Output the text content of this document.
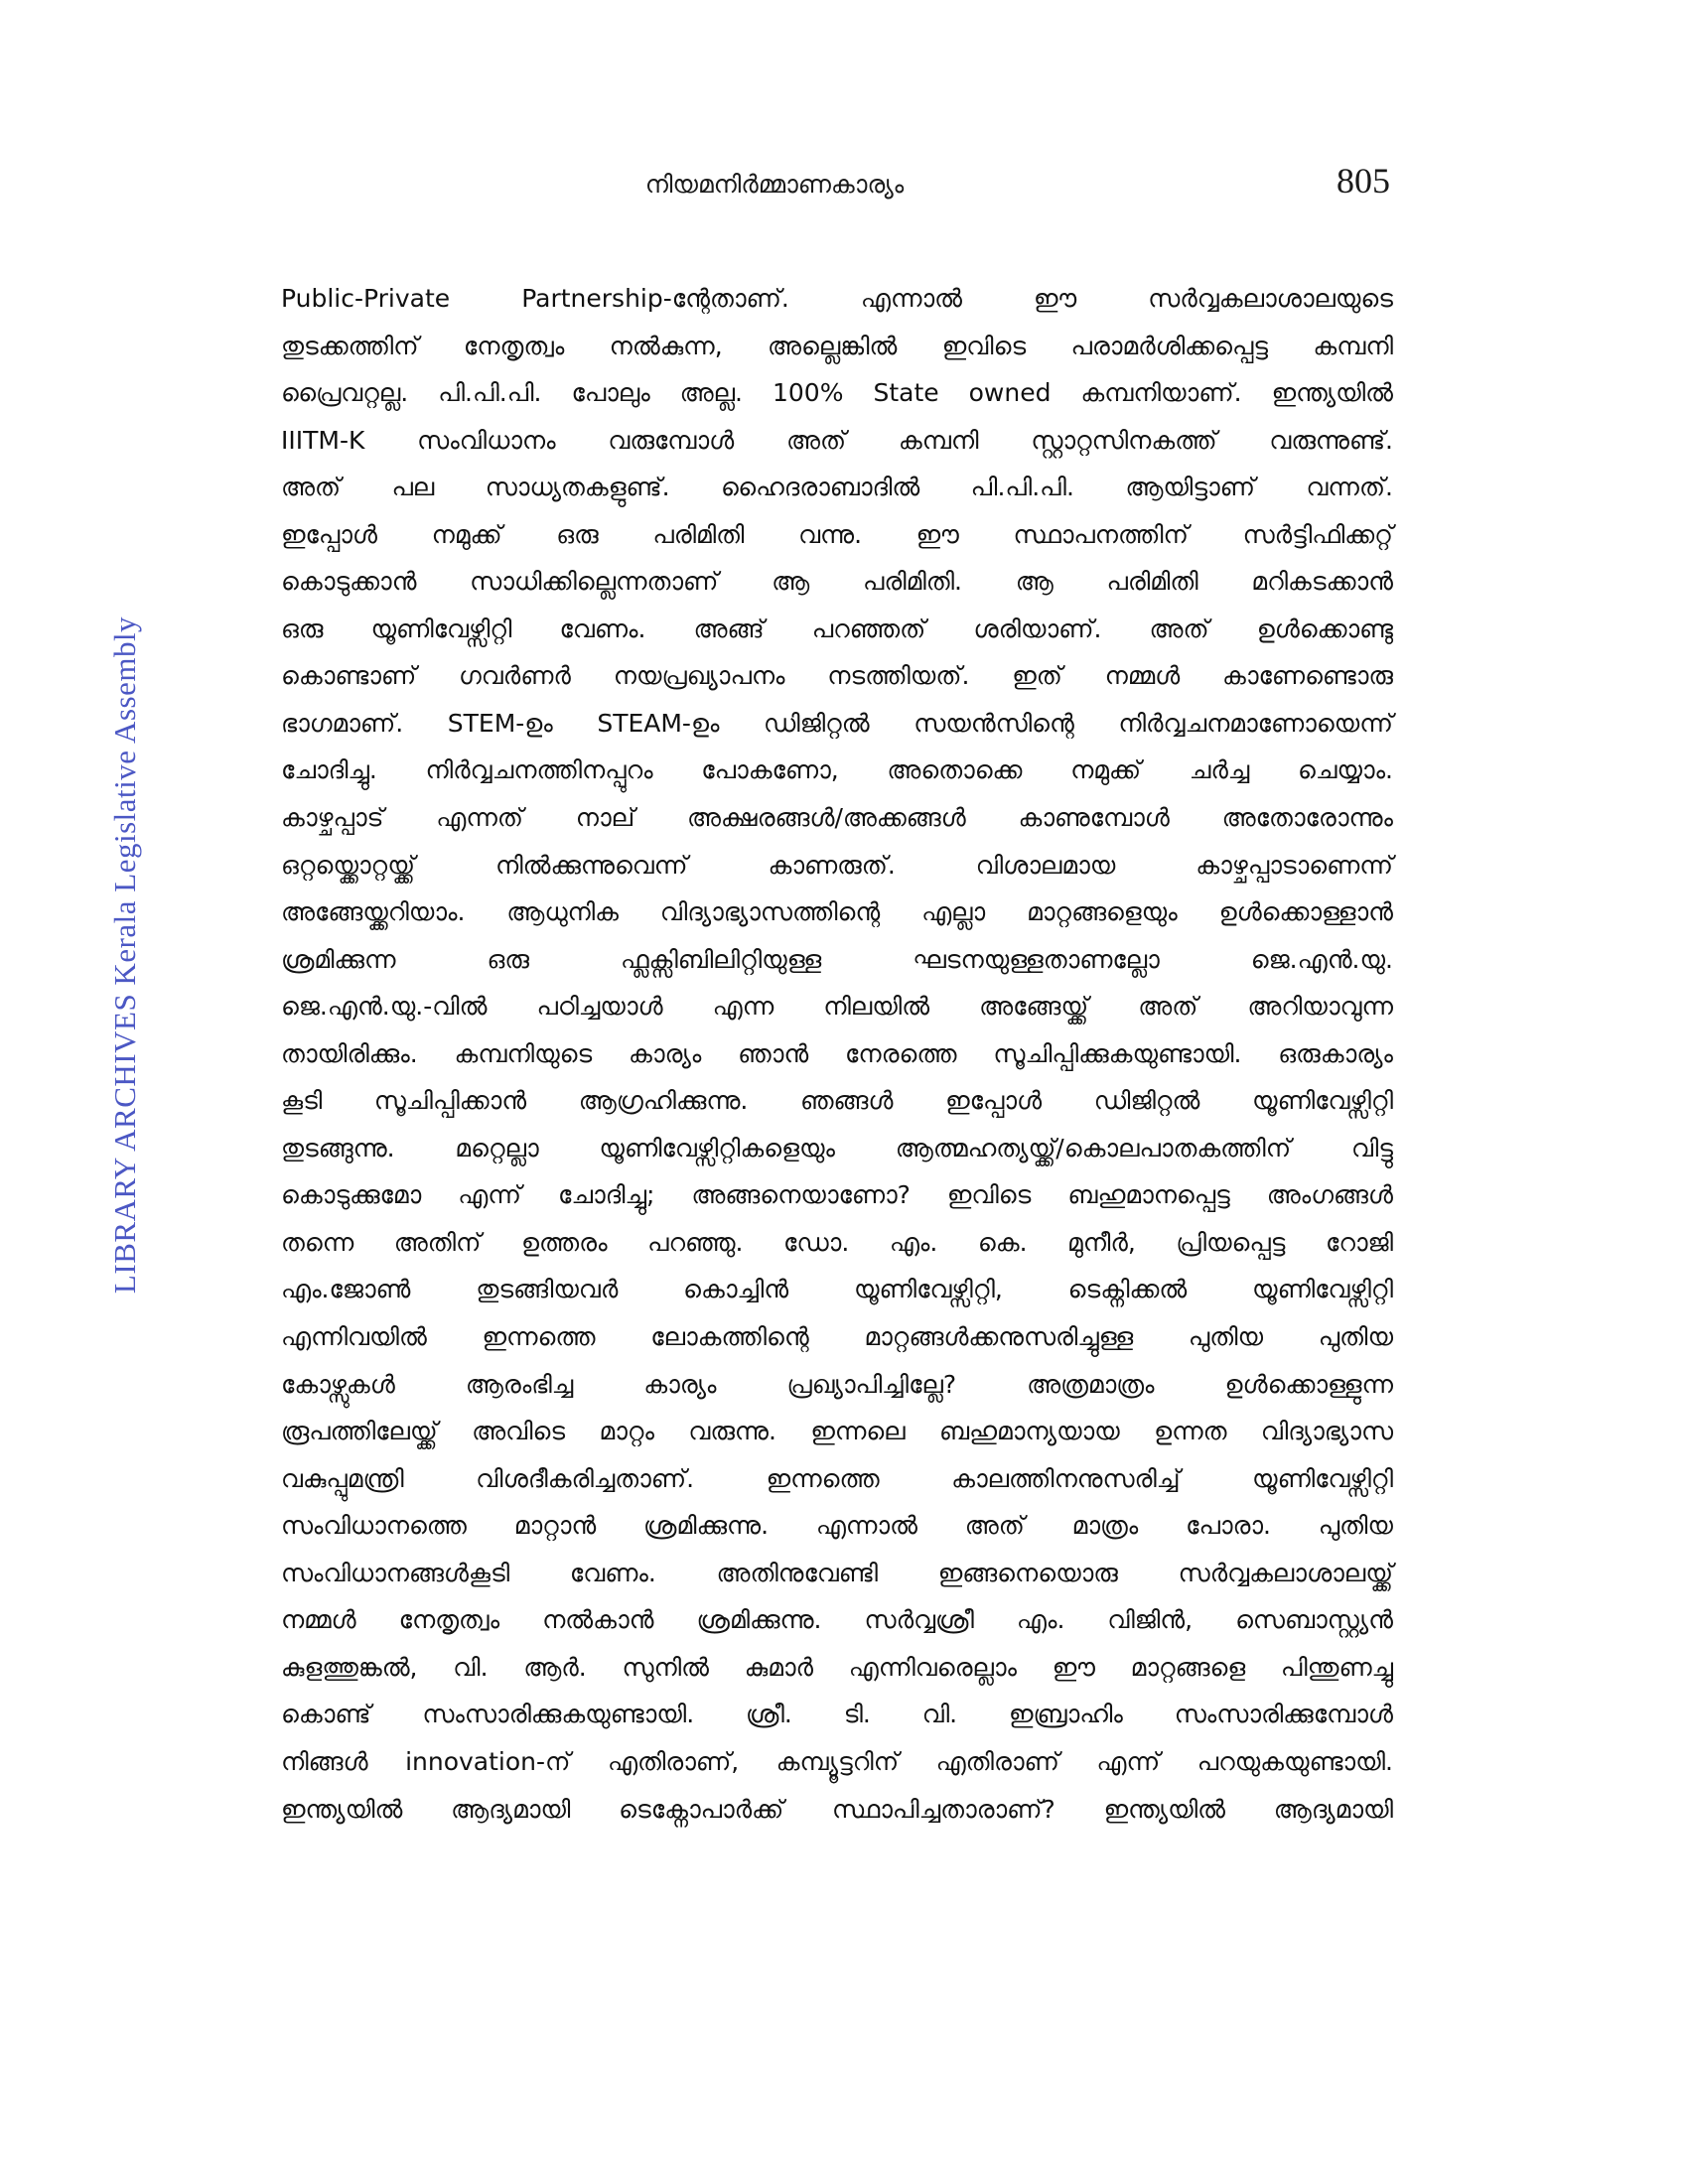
നിയമനിർമ്മാണകാര്യം	805
LIBRARY ARCHIVES Kerala Legislative Assembly
Public-Private Partnership-ന്റേതാണ്. എന്നാൽ ഈ സർവ്വകലാശാലയുടെ
തുടക്കത്തിന് നേതൃത്വം നൽകുന്ന, അല്ലെങ്കിൽ ഇവിടെ പരാമർശിക്കപ്പെട്ട കമ്പനി
പ്രൈവറ്റല്ല. പി.പി.പി. പോലും അല്ല. 100% State owned കമ്പനിയാണ്. ഇന്ത്യയിൽ
IIITM-K സംവിധാനം വരുമ്പോൾ അത് കമ്പനി സ്റ്റാറ്റസിനകത്ത് വരുന്നുണ്ട്.
അത് പല സാധ്യതകളുണ്ട്. ഹൈദരാബാദിൽ പി.പി.പി. ആയിട്ടാണ് വന്നത്.
ഇപ്പോൾ നമുക്ക് ഒരു പരിമിതി വന്നു. ഈ സ്ഥാപനത്തിന് സർട്ടിഫിക്കറ്റ്
കൊടുക്കാൻ സാധിക്കില്ലെന്നതാണ് ആ പരിമിതി. ആ പരിമിതി മറികടക്കാൻ
ഒരു യൂണിവേഴ്സിറ്റി വേണം. അങ്ങ് പറഞ്ഞത് ശരിയാണ്. അത് ഉൾക്കൊണ്ടു
കൊണ്ടാണ് ഗവർണർ നയപ്രഖ്യാപനം നടത്തിയത്. ഇത് നമ്മൾ കാണേണ്ടൊരു
ഭാഗമാണ്. STEM-ഉം STEAM-ഉം ഡിജിറ്റൽ സയൻസിന്റെ നിർവ്വചനമാണോയെന്ന്
ചോദിച്ചു. നിർവ്വചനത്തിനപ്പുറം പോകണോ, അതൊക്കെ നമുക്ക് ചർച്ച ചെയ്യാം.
കാഴ്ചപ്പാട് എന്നത് നാല് അക്ഷരങ്ങൾ/അക്കങ്ങൾ കാണുമ്പോൾ അതോരോന്നും
ഒറ്റയ്ക്കൊറ്റയ്ക്ക് നിൽക്കുന്നുവെന്ന് കാണരുത്. വിശാലമായ കാഴ്ചപ്പാടാണെന്ന്
അങ്ങേയ്ക്കറിയാം. ആധുനിക വിദ്യാഭ്യാസത്തിന്റെ എല്ലാ മാറ്റങ്ങളെയും ഉൾക്കൊള്ളാൻ
ശ്രമിക്കുന്ന ഒരു ഫ്ലക്സിബിലിറ്റിയുള്ള ഘടനയുള്ളതാണല്ലോ ജെ.എൻ.യു.
ജെ.എൻ.യു.-വിൽ പഠിച്ചയാൾ എന്ന നിലയിൽ അങ്ങേയ്ക്ക് അത് അറിയാവുന്ന
തായിരിക്കും. കമ്പനിയുടെ കാര്യം ഞാൻ നേരത്തെ സൂചിപ്പിക്കുകയുണ്ടായി. ഒരുകാര്യം
കൂടി സൂചിപ്പിക്കാൻ ആഗ്രഹിക്കുന്നു. ഞങ്ങൾ ഇപ്പോൾ ഡിജിറ്റൽ യൂണിവേഴ്സിറ്റി
തുടങ്ങുന്നു. മറ്റെല്ലാ യൂണിവേഴ്സിറ്റികളെയും ആത്മഹത്യയ്ക്ക്/കൊലപാതകത്തിന് വിട്ടു
കൊടുക്കുമോ എന്ന് ചോദിച്ചു; അങ്ങനെയാണോ? ഇവിടെ ബഹുമാനപ്പെട്ട അംഗങ്ങൾ
തന്നെ അതിന് ഉത്തരം പറഞ്ഞു. ഡോ. എം. കെ. മുനീർ, പ്രിയപ്പെട്ട റോജി
എം.ജോൺ തുടങ്ങിയവർ കൊച്ചിൻ യൂണിവേഴ്സിറ്റി, ടെക്നിക്കൽ യൂണിവേഴ്സിറ്റി
എന്നിവയിൽ ഇന്നത്തെ ലോകത്തിന്റെ മാറ്റങ്ങൾക്കനുസരിച്ചുള്ള പുതിയ പുതിയ
കോഴ്സുകൾ ആരംഭിച്ച കാര്യം പ്രഖ്യാപിച്ചില്ലേ? അത്രമാത്രം ഉൾക്കൊള്ളുന്ന
രൂപത്തിലേയ്ക്ക് അവിടെ മാറ്റം വരുന്നു. ഇന്നലെ ബഹുമാന്യയായ ഉന്നത വിദ്യാഭ്യാസ
വകുപ്പുമന്ത്രി വിശദീകരിച്ചതാണ്. ഇന്നത്തെ കാലത്തിനനുസരിച്ച് യൂണിവേഴ്സിറ്റി
സംവിധാനത്തെ മാറ്റാൻ ശ്രമിക്കുന്നു. എന്നാൽ അത് മാത്രം പോരാ. പുതിയ
സംവിധാനങ്ങൾകൂടി വേണം. അതിനുവേണ്ടി ഇങ്ങനെയൊരു സർവ്വകലാശാലയ്ക്ക്
നമ്മൾ നേതൃത്വം നൽകാൻ ശ്രമിക്കുന്നു. സർവ്വശ്രീ എം. വിജിൻ, സെബാസ്റ്റ്യൻ
കുളത്തുങ്കൽ, വി. ആർ. സുനിൽ കുമാർ എന്നിവരെല്ലാം ഈ മാറ്റങ്ങളെ പിന്തുണച്ചു
കൊണ്ട് സംസാരിക്കുകയുണ്ടായി. ശ്രീ. ടി. വി. ഇബ്രാഹിം സംസാരിക്കുമ്പോൾ
നിങ്ങൾ innovation-ന് എതിരാണ്, കമ്പ്യൂട്ടറിന് എതിരാണ് എന്ന് പറയുകയുണ്ടായി.
ഇന്ത്യയിൽ ആദ്യമായി ടെക്നോപാർക്ക് സ്ഥാപിച്ചതാരാണ്? ഇന്ത്യയിൽ ആദ്യമായി
